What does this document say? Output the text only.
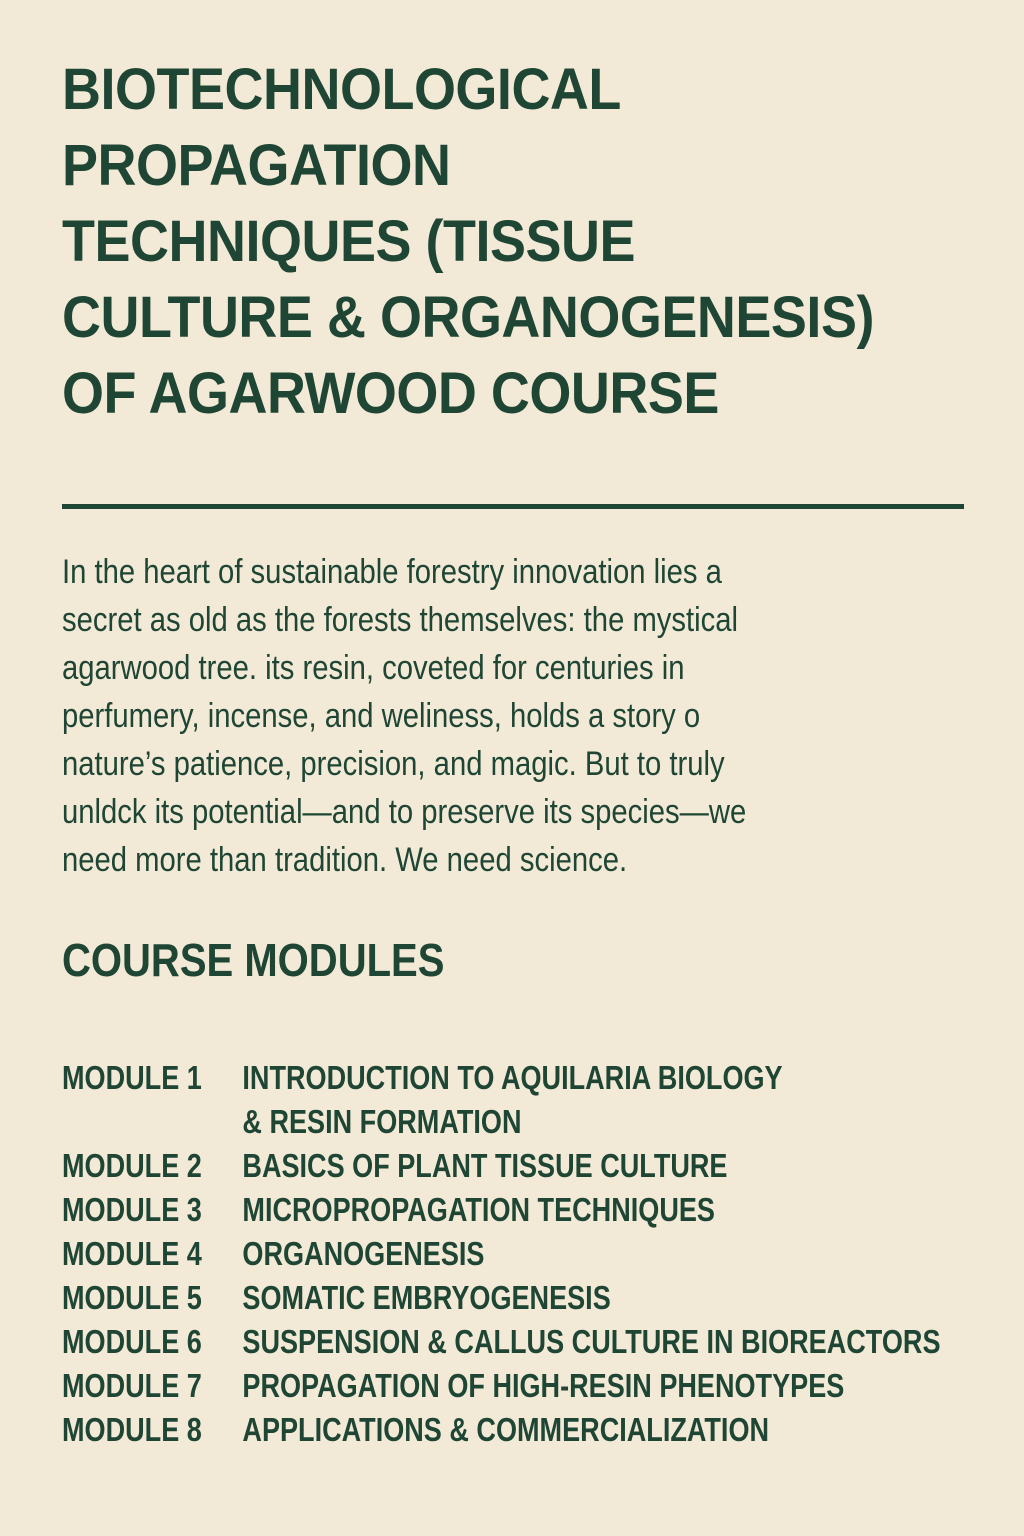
BIOTECHNOLOGICAL
PROPAGATION
TECHNIQUES (TISSUE
CULTURE & ORGANOGENESIS)
OF AGARWOOD COURSE

In the heart of sustainable forestry innovation lies a
secret as old as the forests themselves: the mystical
agarwood tree. its resin, coveted for centuries in
perfumery, incense, and weliness, holds a story o
nature’s patience, precision, and magic. But to truly
unldck its potential—and to preserve its species—we
need more than tradition. We need science.

COURSE MODULES
MODULE 1	INTRODUCTION TO AQUILARIA BIOLOGY
& RESIN FORMATION
MODULE 2	BASICS OF PLANT TISSUE CULTURE
MODULE 3	MICROPROPAGATION TECHNIQUES
MODULE 4	ORGANOGENESIS
MODULE 5	SOMATIC EMBRYOGENESIS
MODULE 6	SUSPENSION & CALLUS CULTURE IN BIOREACTORS
MODULE 7	PROPAGATION OF HIGH-RESIN PHENOTYPES
MODULE 8	APPLICATIONS & COMMERCIALIZATION
